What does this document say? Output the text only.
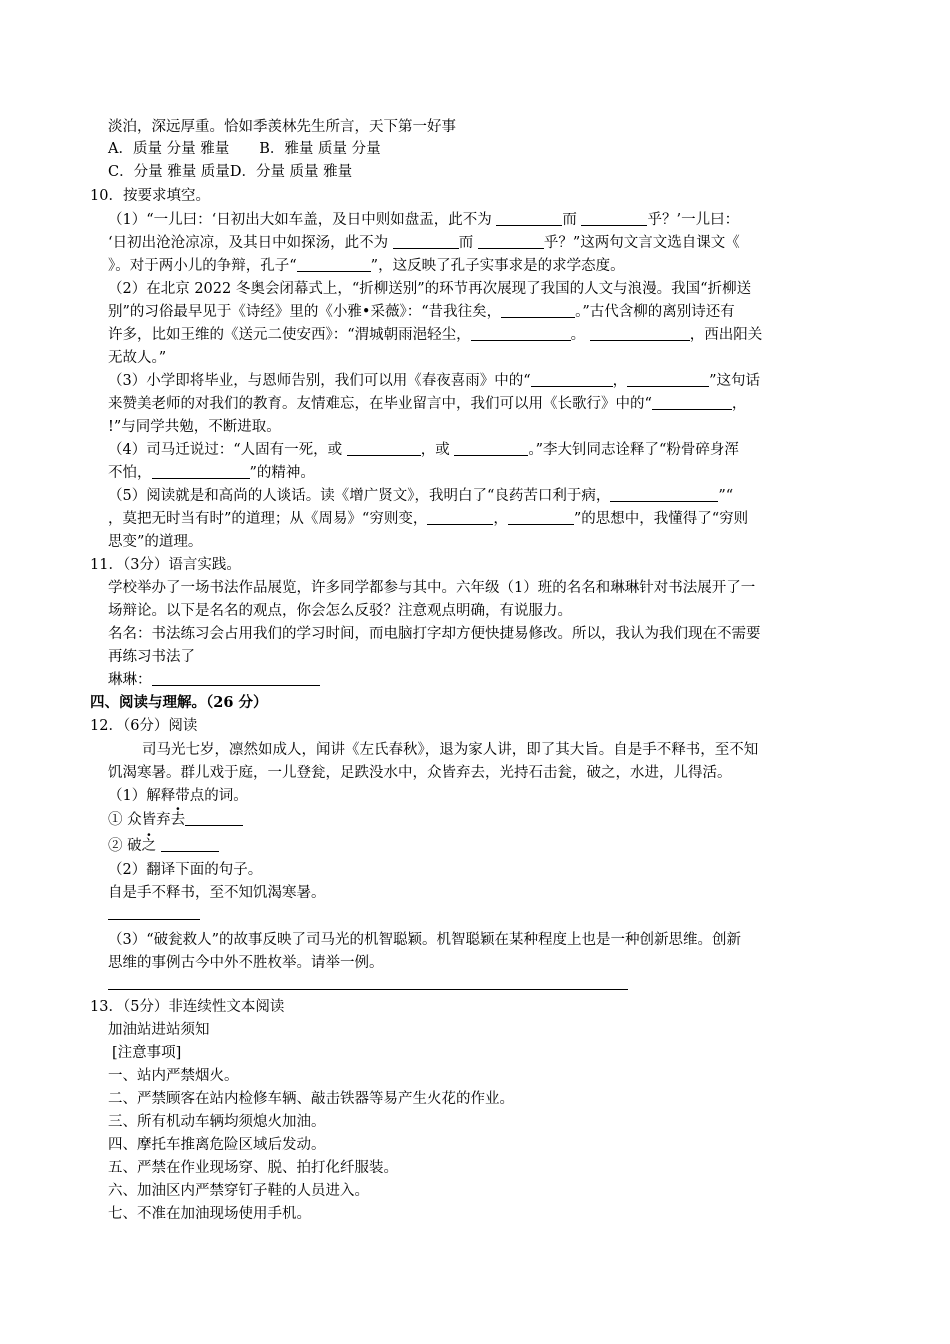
淡泊，深远厚重。恰如季羡林先生所言，天下第一好事
A．质量 分量 雅量 B．雅量 质量 分量
C．分量 雅量 质量D．分量 质量 雅量
10．按要求填空。
（1）“一儿曰：‘日初出大如车盖，及日中则如盘盂，此不为	而	乎？’一儿曰：
‘日初出沧沧凉凉，及其日中如探汤，此不为	而	乎？”这两句文言文选自课文《
》。对于两小儿的争辩，孔子“	”，这反映了孔子实事求是的求学态度。
（2）在北京 2022 冬奥会闭幕式上，“折柳送别”的环节再次展现了我国的人文与浪漫。我国“折柳送
别”的习俗最早见于《诗经》里的《小雅•采薇》：“昔我往矣，	。”古代含柳的离别诗还有
许多，比如王维的《送元二使安西》：“渭城朝雨浥轻尘，	。	，西出阳关
无故人。”
（3）小学即将毕业，与恩师告别，我们可以用《春夜喜雨》中的“	，	”这句话
来赞美老师的对我们的教育。友情难忘，在毕业留言中，我们可以用《长歌行》中的“	，
!”与同学共勉，不断进取。
（4）司马迁说过：“人固有一死，或	，或	。”李大钊同志诠释了“粉骨碎身浑
不怕，	”的精神。
（5）阅读就是和高尚的人谈话。读《增广贤文》，我明白了“良药苦口利于病，	”“
，莫把无时当有时”的道理；从《周易》“穷则变，	，	”的思想中，我懂得了“穷则
思变”的道理。
11．（3分）语言实践。
学校举办了一场书法作品展览，许多同学都参与其中。六年级（1）班的名名和琳琳针对书法展开了一
场辩论。以下是名名的观点，你会怎么反驳？注意观点明确，有说服力。
名名：书法练习会占用我们的学习时间，而电脑打字却方便快捷易修改。所以，我认为我们现在不需要
再练习书法了
琳琳：
四、阅读与理解。（26 分）
12．（6分）阅读
司马光七岁，凛然如成人，闻讲《左氏春秋》，退为家人讲，即了其大旨。自是手不释书，至不知
饥渴寒暑。群儿戏于庭，一儿登瓮，足跌没水中，众皆弃去，光持石击瓮，破之，水进，儿得活。
（1）解释带点的词。
① 众皆弃去
② 破之
（2）翻译下面的句子。
自是手不释书，至不知饥渴寒暑。
（3）“破瓮救人”的故事反映了司马光的机智聪颖。机智聪颖在某种程度上也是一种创新思维。创新
思维的事例古今中外不胜枚举。请举一例。
13．（5分）非连续性文本阅读
加油站进站须知
[注意事项]
一、站内严禁烟火。
二、严禁顾客在站内检修车辆、敲击铁器等易产生火花的作业。
三、所有机动车辆均须熄火加油。
四、摩托车推离危险区域后发动。
五、严禁在作业现场穿、脱、拍打化纤服装。
六、加油区内严禁穿钉子鞋的人员进入。
七、不准在加油现场使用手机。
